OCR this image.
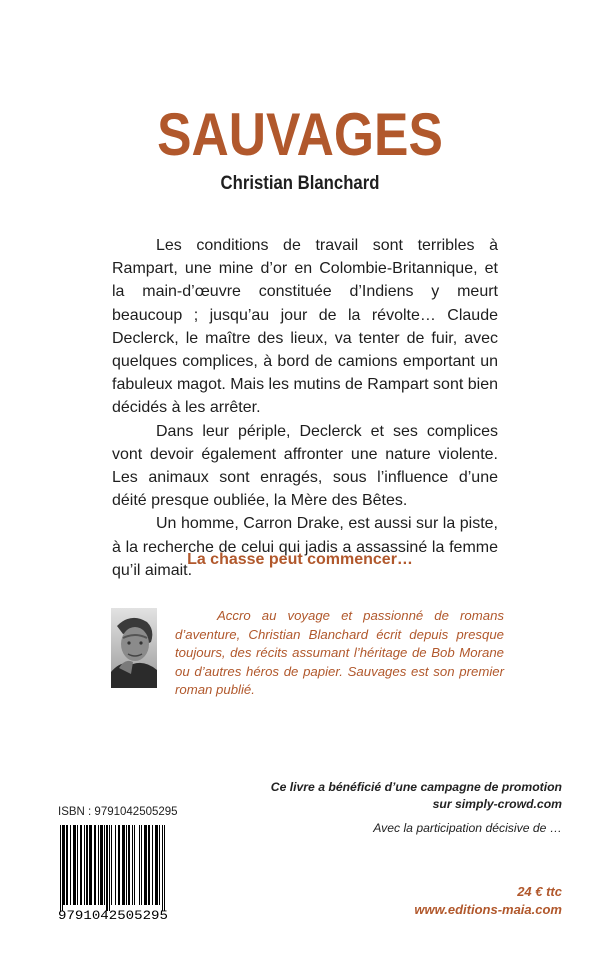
SAUVAGES
Christian Blanchard

Les conditions de travail sont terribles à Rampart, une mine d’or en Colombie-Britannique, et la main-d’œuvre constituée d’Indiens y meurt beaucoup ; jusqu’au jour de la révolte… Claude Declerck, le maître des lieux, va tenter de fuir, avec quelques complices, à bord de camions emportant un fabuleux magot. Mais les mutins de Rampart sont bien décidés à les arrêter.

Dans leur périple, Declerck et ses complices vont devoir également affronter une nature violente. Les animaux sont enragés, sous l’influence d’une déité presque oubliée, la Mère des Bêtes.

Un homme, Carron Drake, est aussi sur la piste, à la recherche de celui qui jadis a assassiné la femme qu’il aimait.

La chasse peut commencer…

Accro au voyage et passionné de romans d’aventure, Christian Blanchard écrit depuis presque toujours, des récits assumant l’héritage de Bob Morane ou d’autres héros de papier. Sauvages est son premier roman publié.

Ce livre a bénéficié d’une campagne de promotion
sur simply-crowd.com
Avec la participation décisive de …
ISBN : 9791042505295
9791042505295
24 € ttc
www.editions-maia.com
